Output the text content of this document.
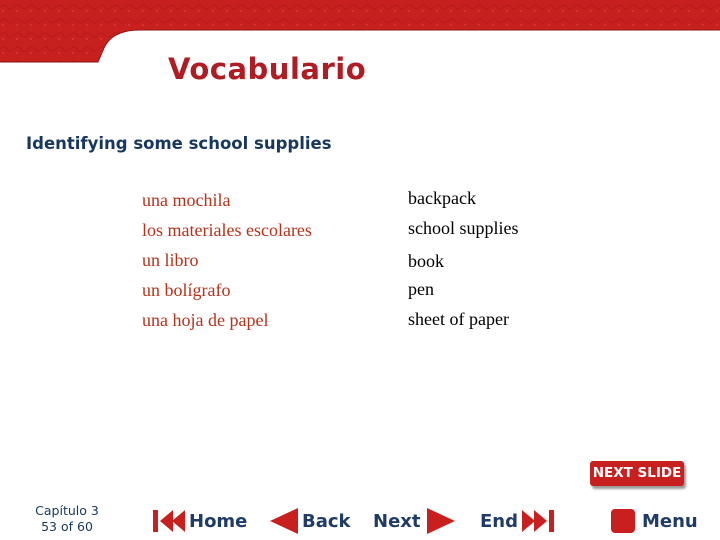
Vocabulario
Identifying some school supplies
una mochila	backpack
los materiales escolares	school supplies
un libro	book
un bolígrafo	pen
una hoja de papel	sheet of paper
NEXT SLIDE
Capítulo 3
53 of 60	Home	Back Next	End	Menu
